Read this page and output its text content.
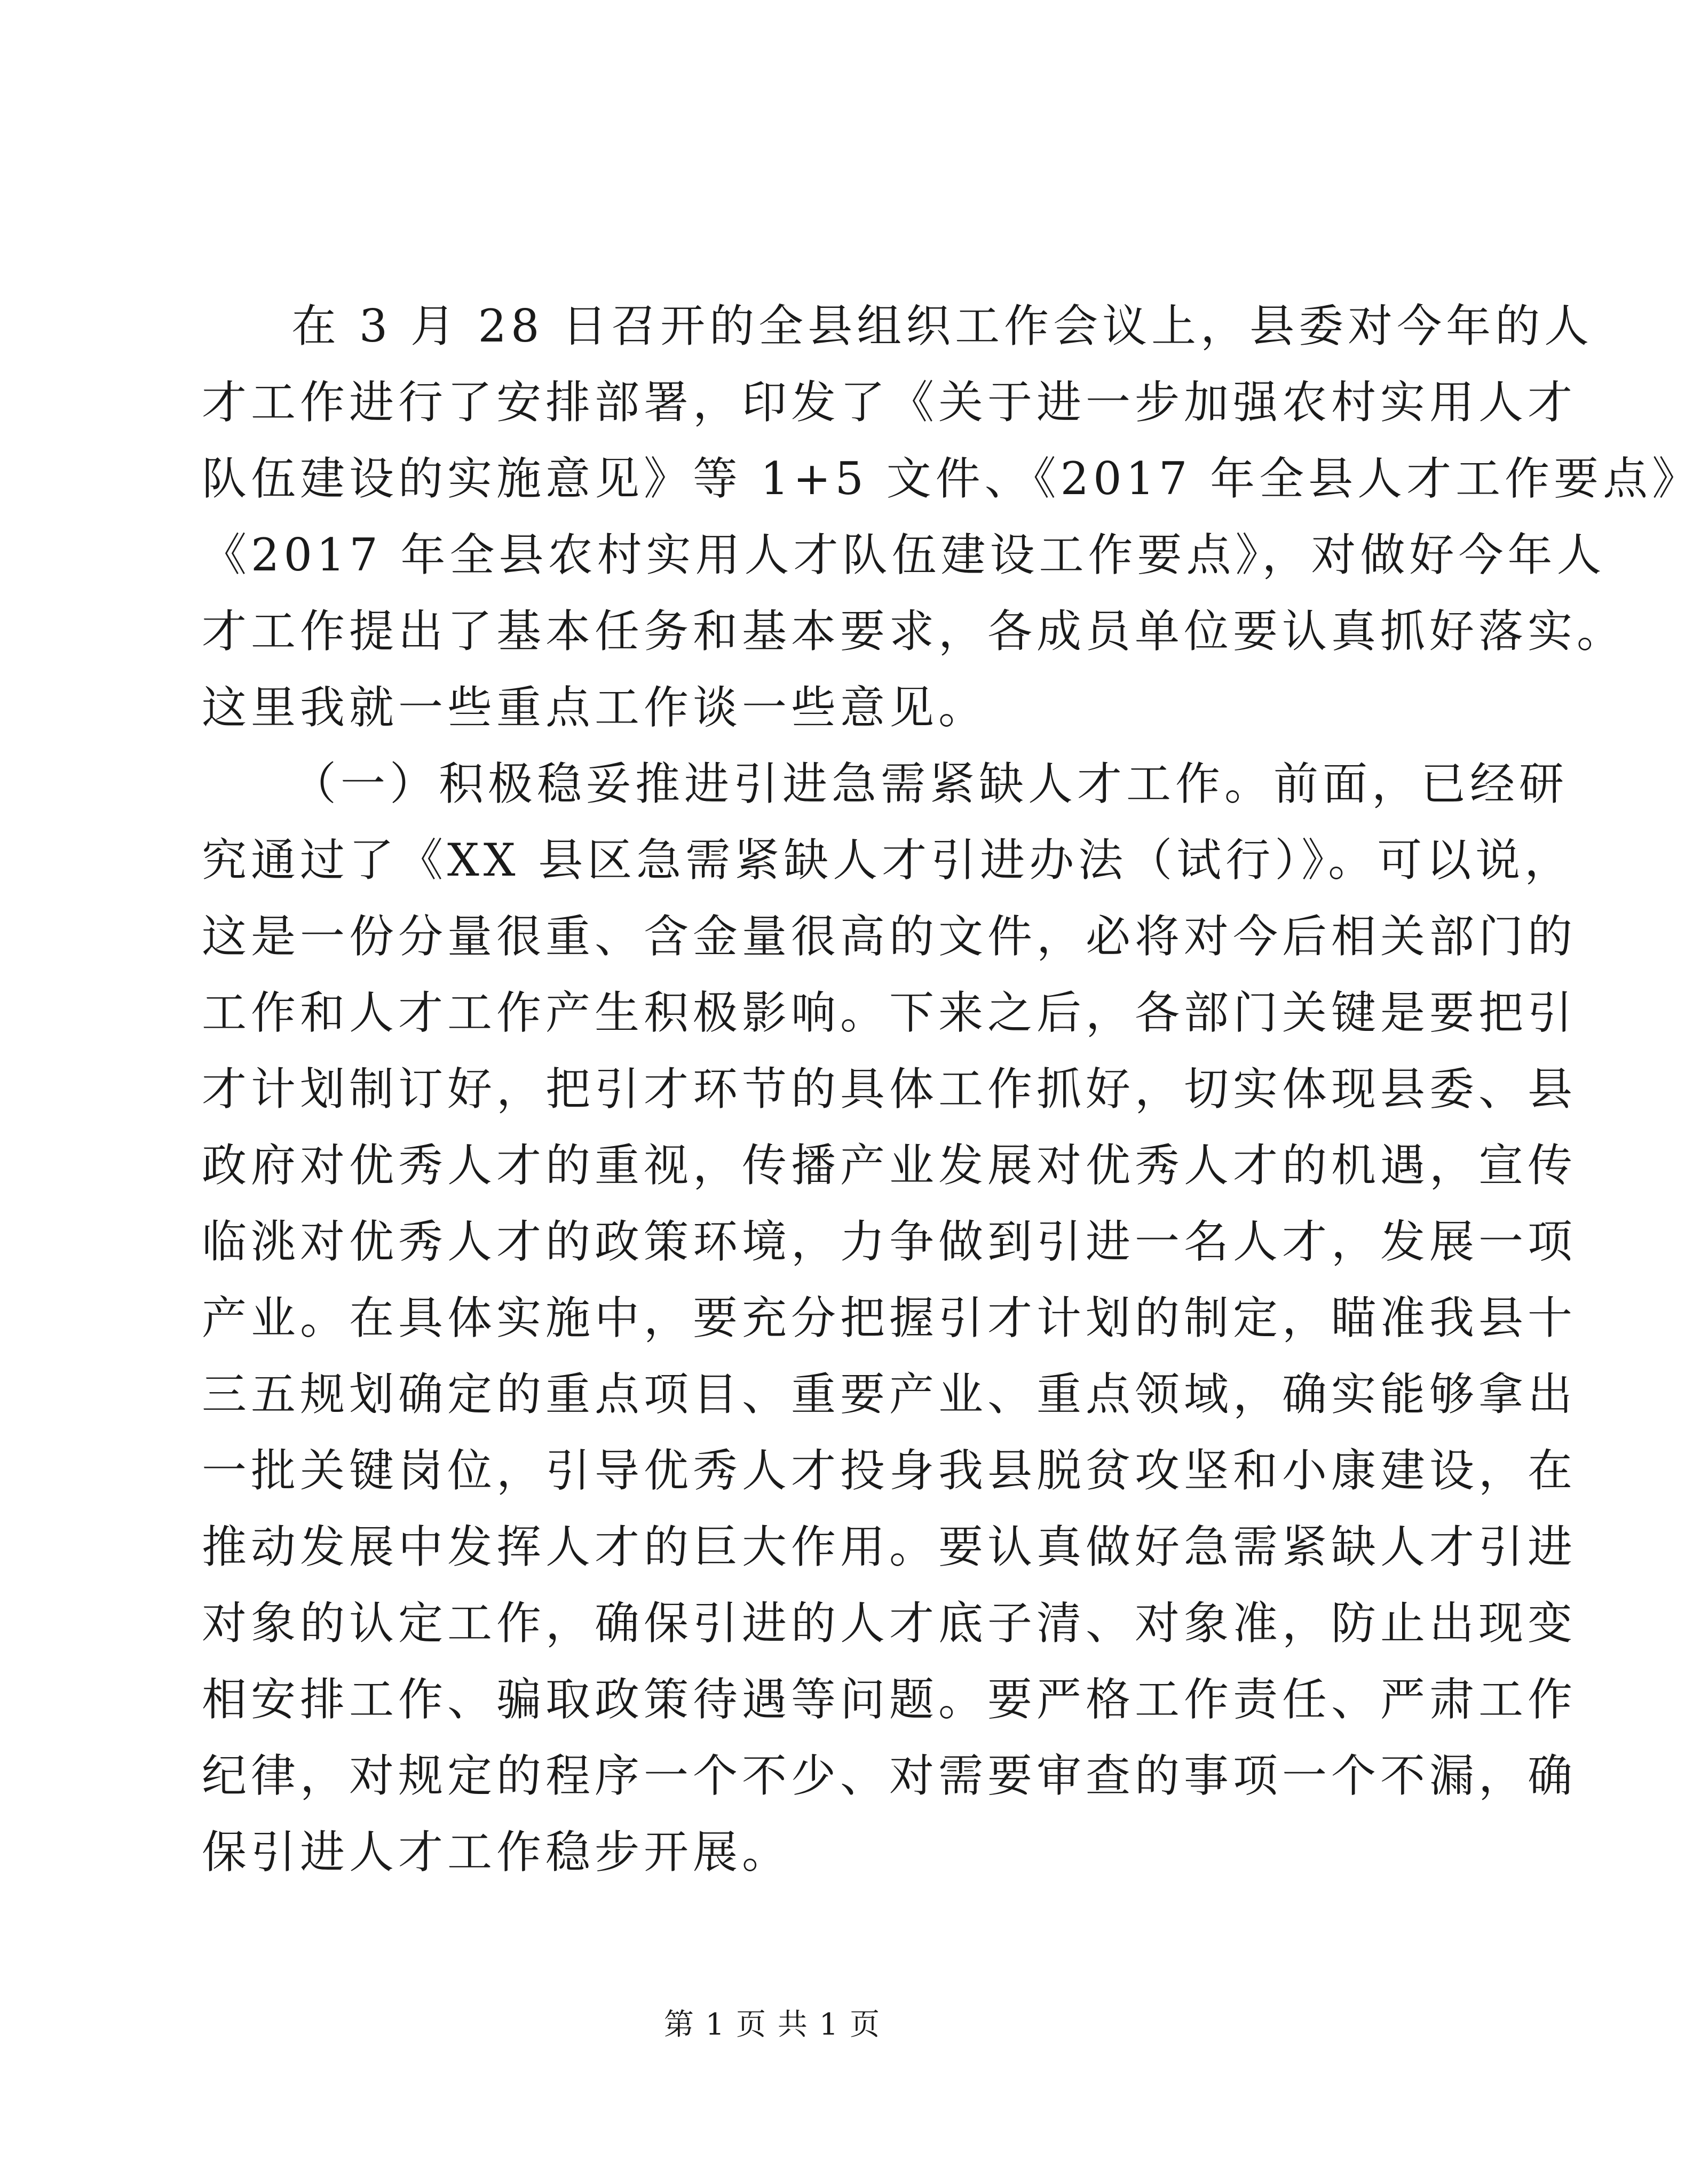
在 3 月 28 日召开的全县组织工作会议上，县委对今年的人
才工作进行了安排部署，印发了《关于进一步加强农村实用人才
队伍建设的实施意见》等 1+5 文件、《2017 年全县人才工作要点》
《2017 年全县农村实用人才队伍建设工作要点》，对做好今年人
才工作提出了基本任务和基本要求，各成员单位要认真抓好落实。
这里我就一些重点工作谈一些意见。
（一）积极稳妥推进引进急需紧缺人才工作。前面，已经研
究通过了《XX 县区急需紧缺人才引进办法（试行）》。可以说，
这是一份分量很重、含金量很高的文件，必将对今后相关部门的
工作和人才工作产生积极影响。下来之后，各部门关键是要把引
才计划制订好，把引才环节的具体工作抓好，切实体现县委、县
政府对优秀人才的重视，传播产业发展对优秀人才的机遇，宣传
临洮对优秀人才的政策环境，力争做到引进一名人才，发展一项
产业。在具体实施中，要充分把握引才计划的制定，瞄准我县十
三五规划确定的重点项目、重要产业、重点领域，确实能够拿出
一批关键岗位，引导优秀人才投身我县脱贫攻坚和小康建设，在
推动发展中发挥人才的巨大作用。要认真做好急需紧缺人才引进
对象的认定工作，确保引进的人才底子清、对象准，防止出现变
相安排工作、骗取政策待遇等问题。要严格工作责任、严肃工作
纪律，对规定的程序一个不少、对需要审查的事项一个不漏，确
保引进人才工作稳步开展。
第 1 页 共 1 页
